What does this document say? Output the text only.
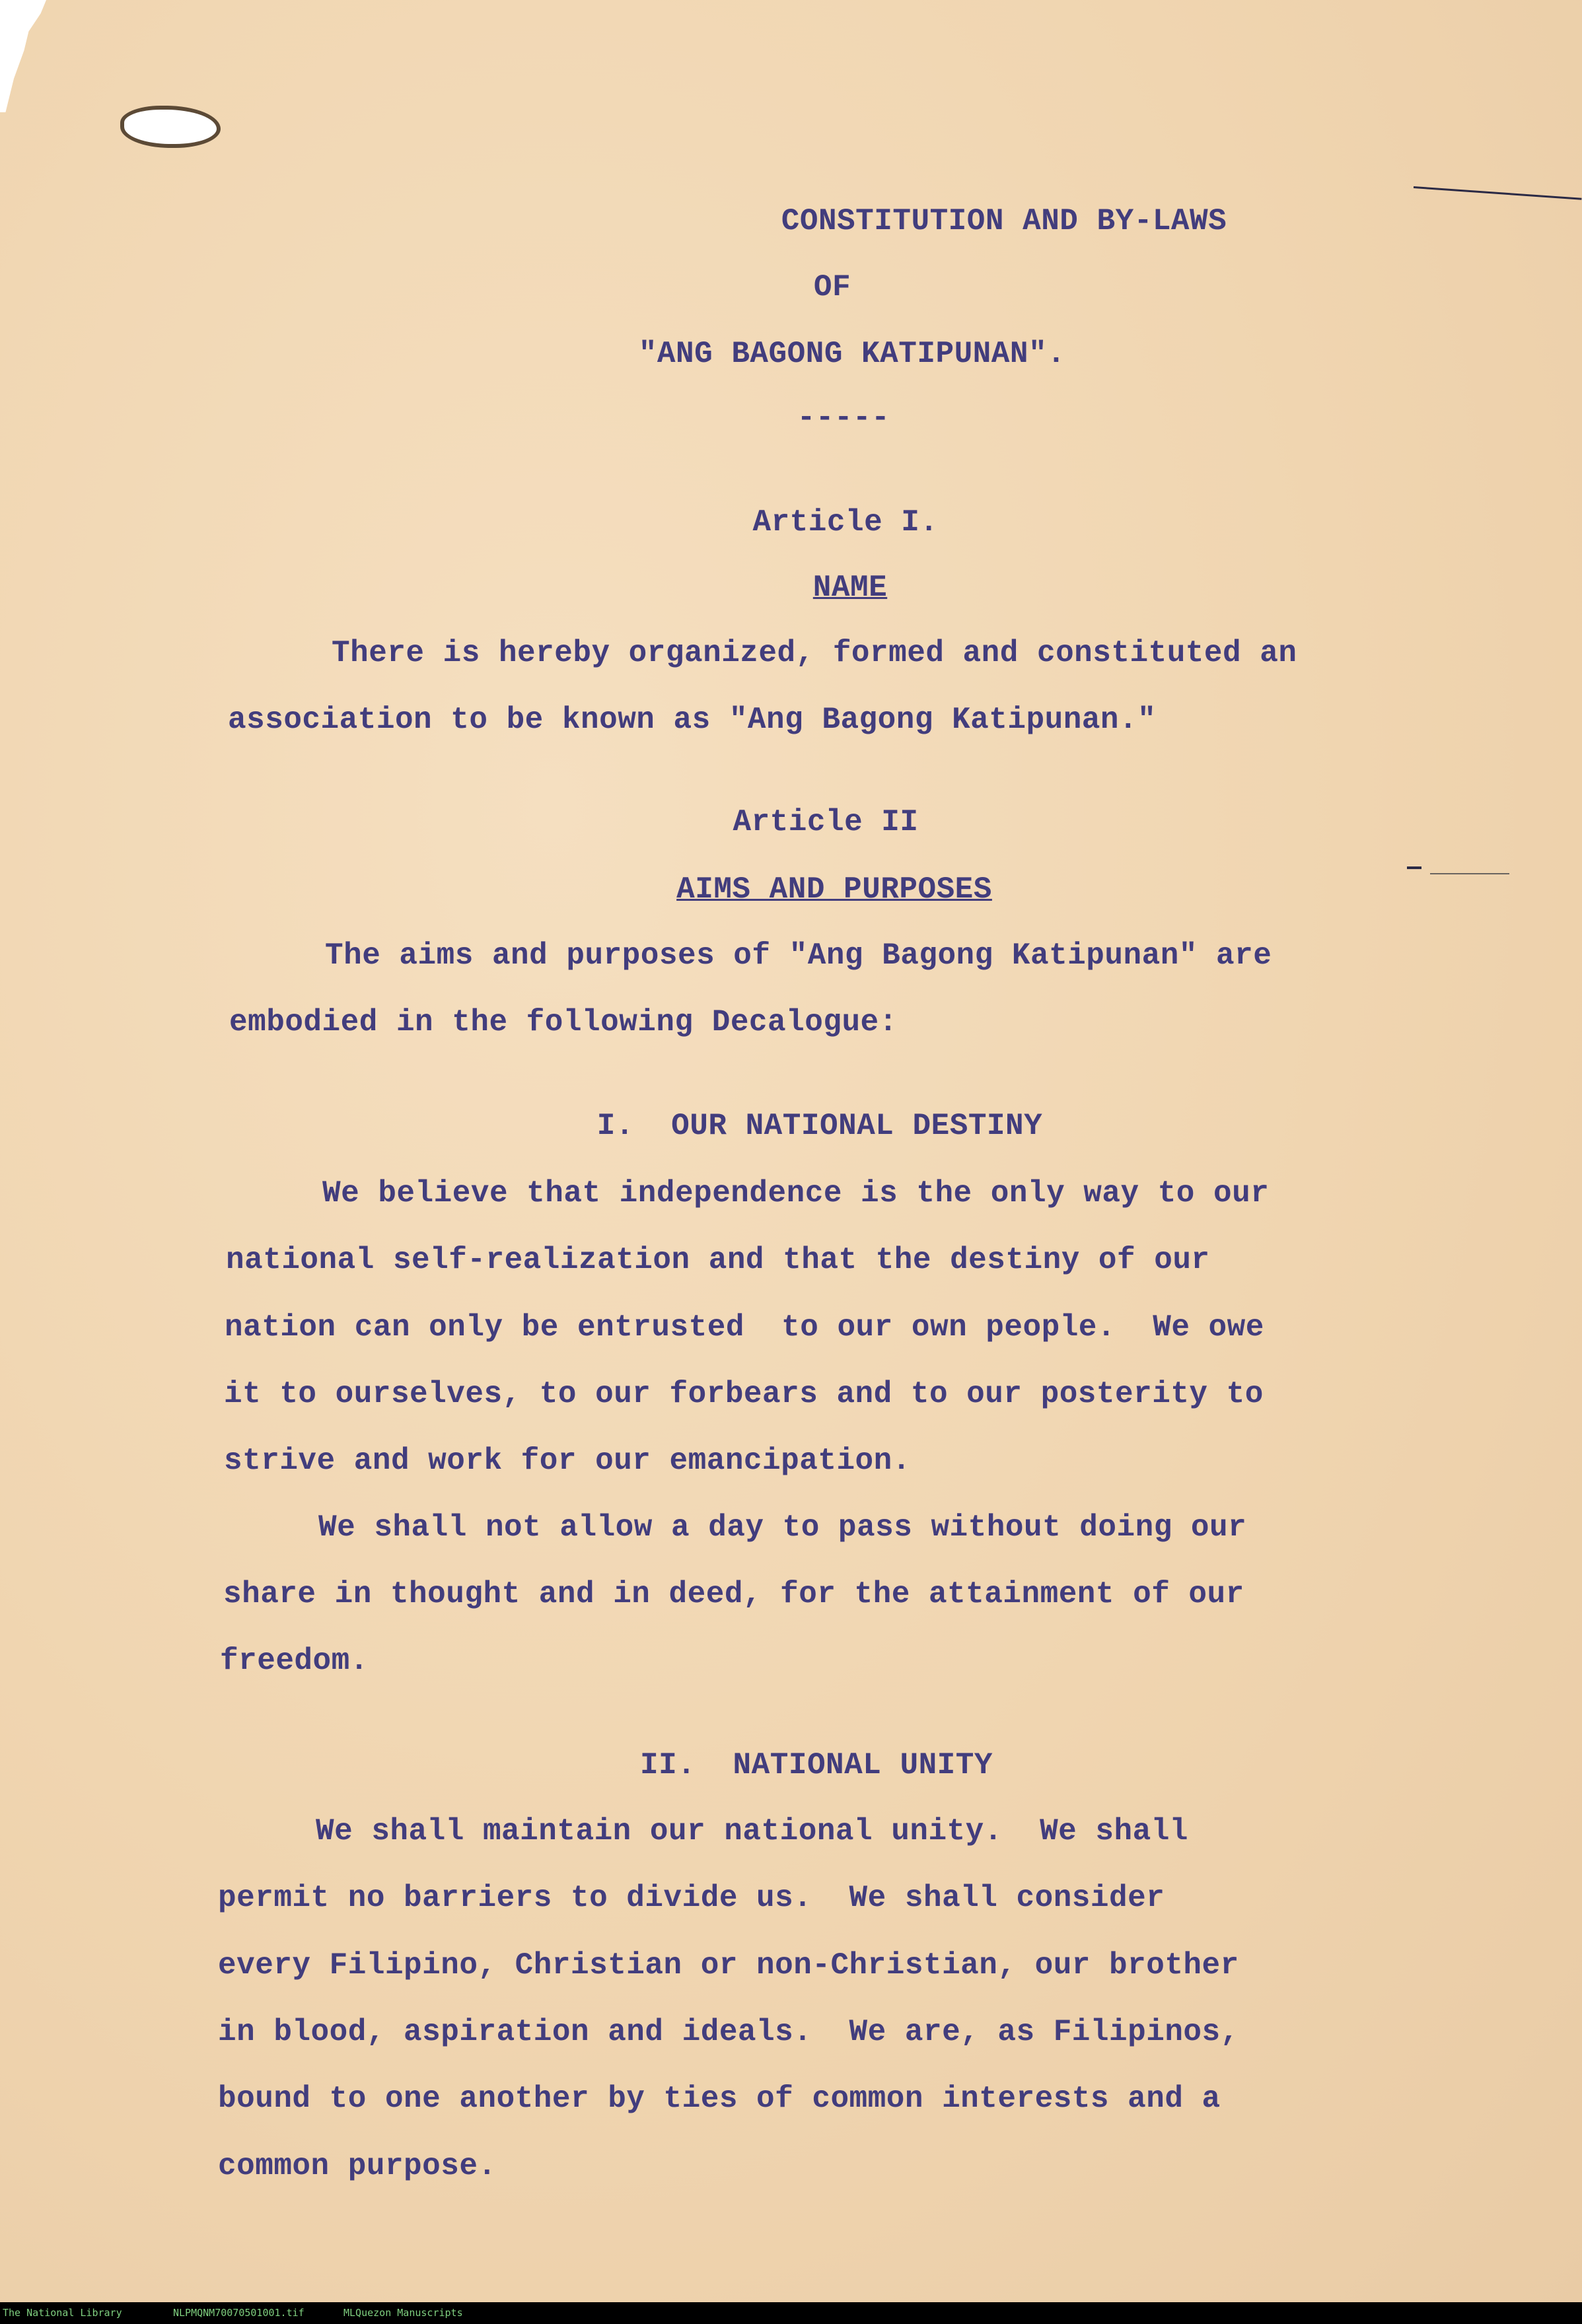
CONSTITUTION AND BY-LAWS
OF
"ANG BAGONG KATIPUNAN".
-----
Article I.
NAME
There is hereby organized, formed and constituted an
association to be known as "Ang Bagong Katipunan."
Article II
AIMS AND PURPOSES
The aims and purposes of "Ang Bagong Katipunan" are
embodied in the following Decalogue:
I.  OUR NATIONAL DESTINY
We believe that independence is the only way to our
national self-realization and that the destiny of our
nation can only be entrusted  to our own people.  We owe
it to ourselves, to our forbears and to our posterity to
strive and work for our emancipation.
We shall not allow a day to pass without doing our
share in thought and in deed, for the attainment of our
freedom.
II.  NATIONAL UNITY
We shall maintain our national unity.  We shall
permit no barriers to divide us.  We shall consider
every Filipino, Christian or non-Christian, our brother
in blood, aspiration and ideals.  We are, as Filipinos,
bound to one another by ties of common interests and a
common purpose.
The National Library	NLPMQNM70070501001.tif	MLQuezon Manuscripts
